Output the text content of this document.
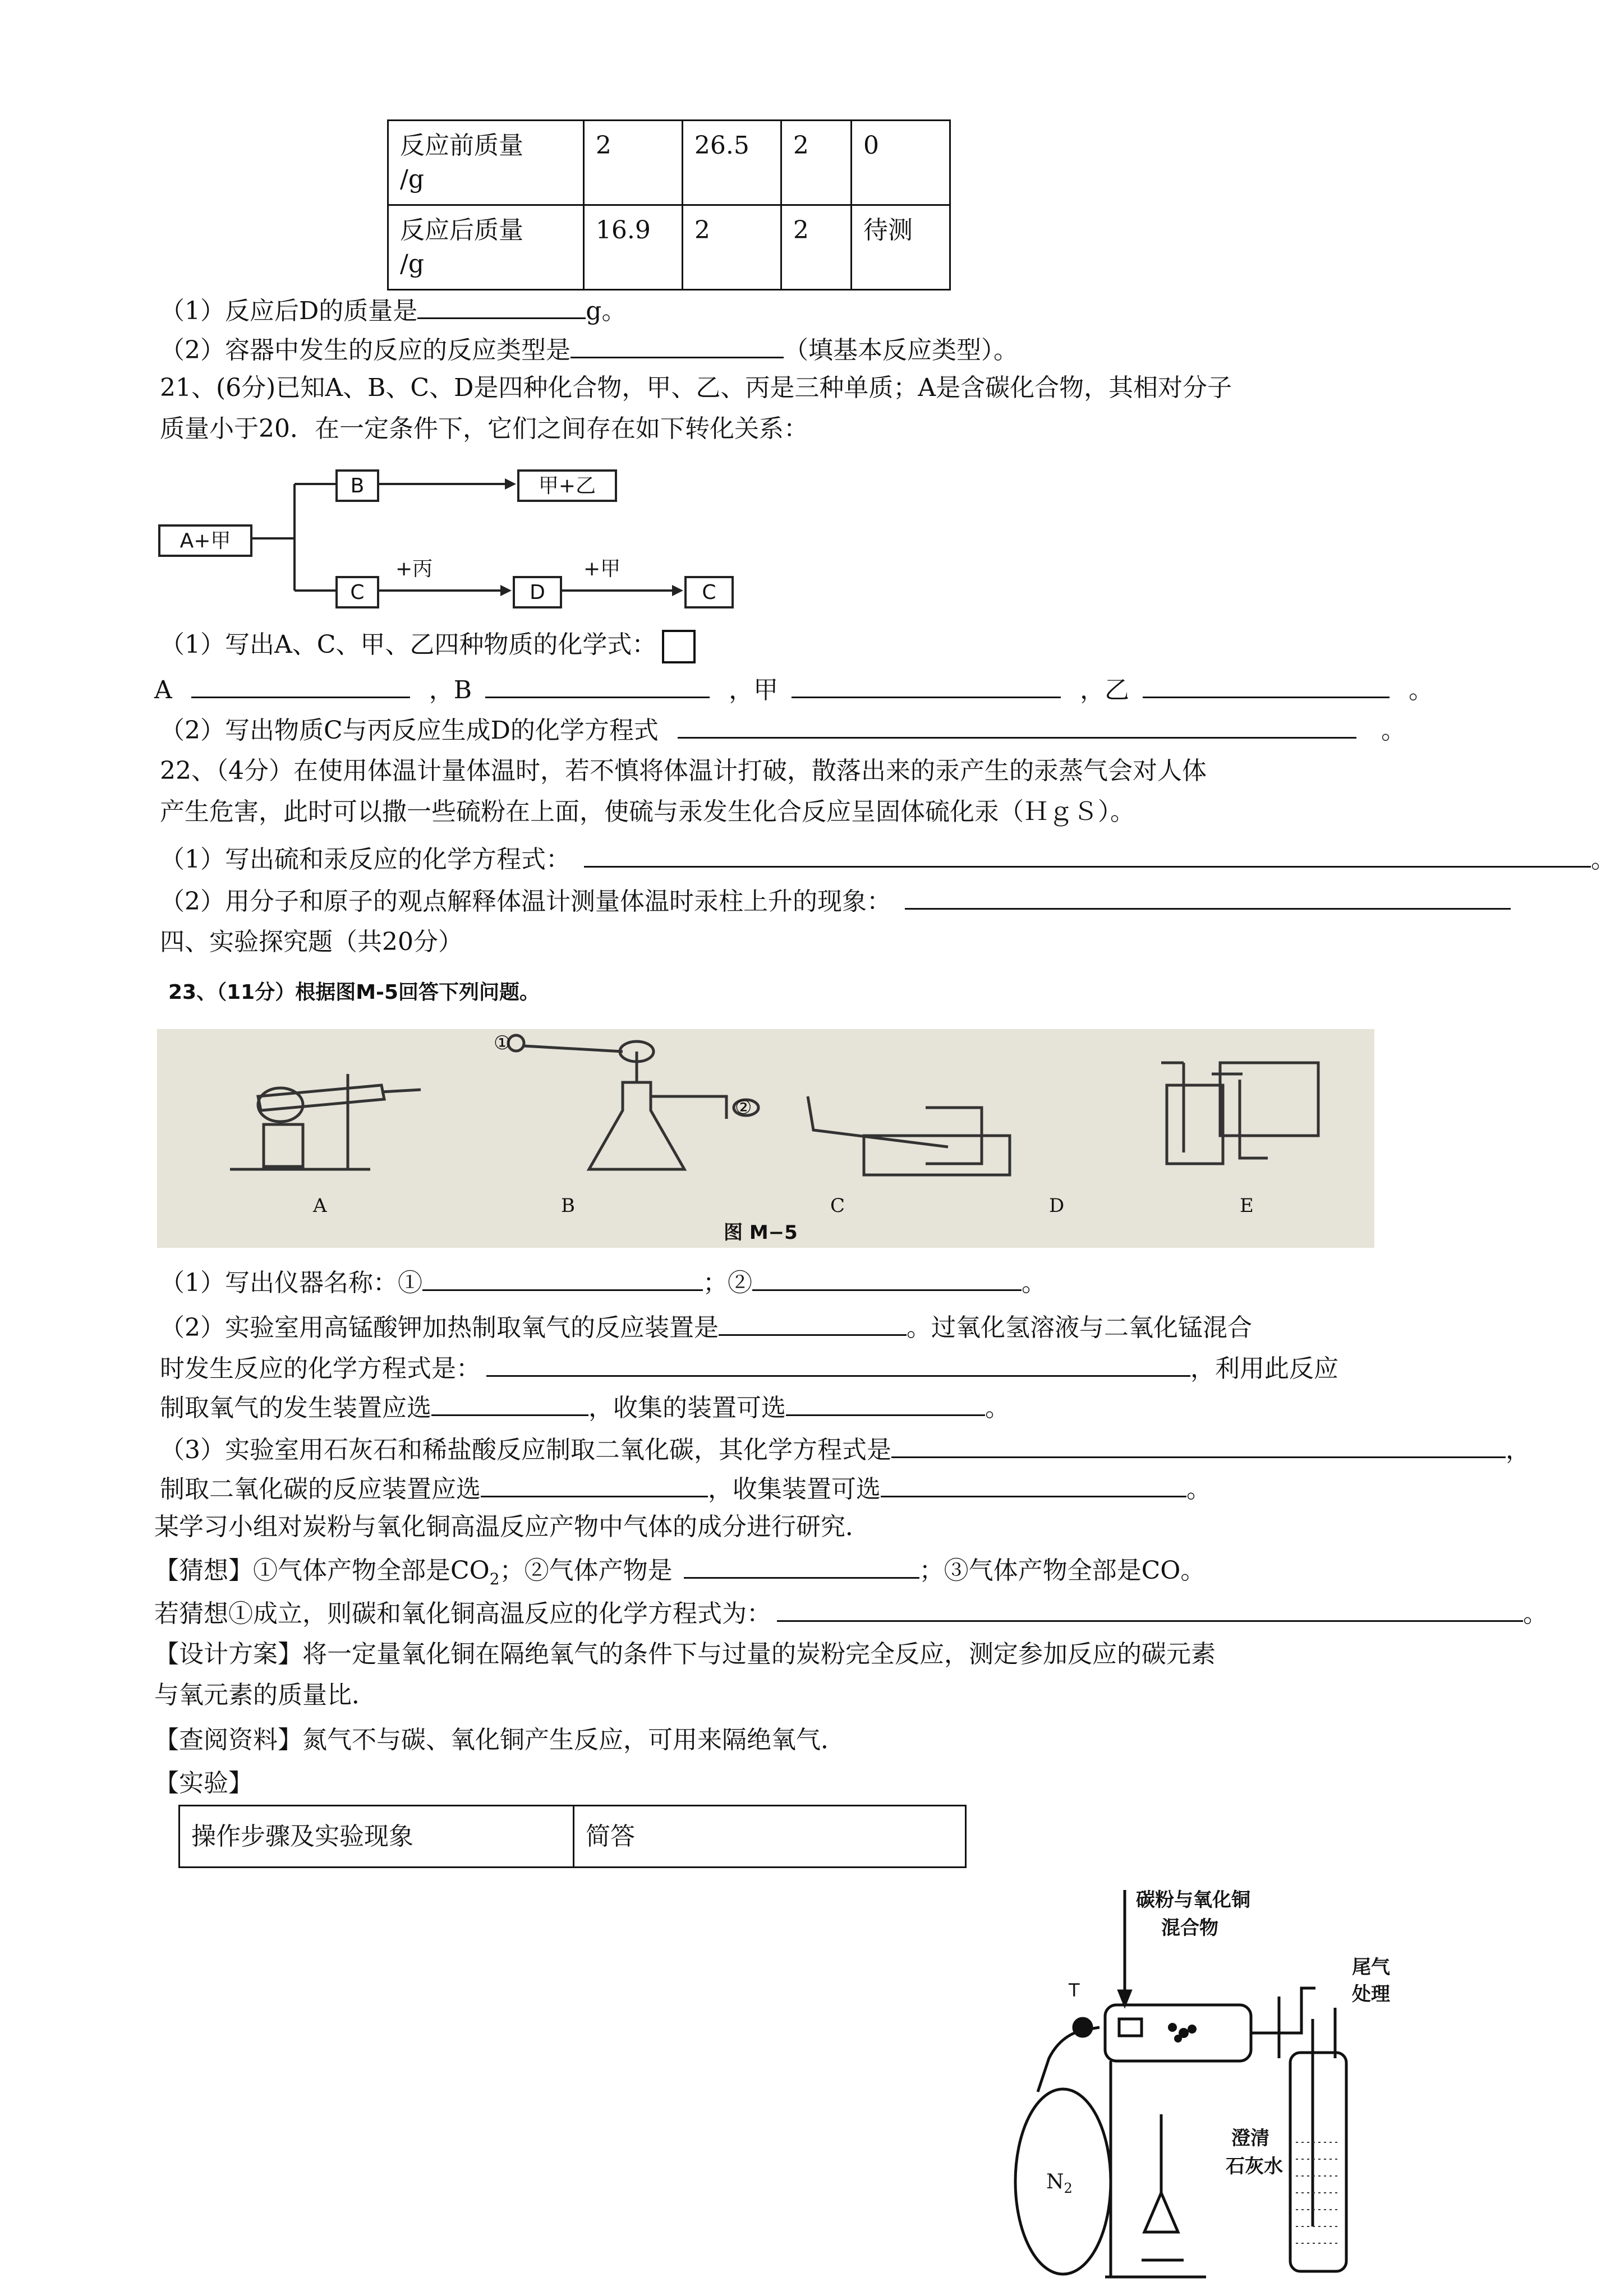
反应前质量
/g	2	26.5	2	0
反应后质量
/g	16.9	2	2	待测
（1）反应后D的质量是	g。
（2）容器中发生的反应的反应类型是	（填基本反应类型）。
21、(6分)已知A、B、C、D是四种化合物，甲、乙、丙是三种单质；A是含碳化合物，其相对分子
质量小于20．在一定条件下，它们之间存在如下转化关系：
A+甲
B	甲+乙
C
+丙
D
+甲
C
（1）写出A、C、甲、乙四种物质的化学式：
A	，B	，甲	，乙	。
（2）写出物质C与丙反应生成D的化学方程式	。
22、（4分）在使用体温计量体温时，若不慎将体温计打破，散落出来的汞产生的汞蒸气会对人体
产生危害，此时可以撒一些硫粉在上面，使硫与汞发生化合反应呈固体硫化汞（ＨｇＳ）。
（1）写出硫和汞反应的化学方程式：	。
（2）用分子和原子的观点解释体温计测量体温时汞柱上升的现象：
四、实验探究题（共20分）
23、（11分）根据图M-5回答下列问题。
A	B	C	D	E
①
②
图 M−5
（1）写出仪器名称：①	；②	。
（2）实验室用高锰酸钾加热制取氧气的反应装置是	。过氧化氢溶液与二氧化锰混合
时发生反应的化学方程式是：	，利用此反应
制取氧气的发生装置应选	，收集的装置可选	。
（3）实验室用石灰石和稀盐酸反应制取二氧化碳，其化学方程式是	，
制取二氧化碳的反应装置应选	，收集装置可选	。
某学习小组对炭粉与氧化铜高温反应产物中气体的成分进行研究．
【猜想】①气体产物全部是$CO_2$；②气体产物是	；③气体产物全部是CO。
若猜想①成立，则碳和氧化铜高温反应的化学方程式为：	。
【设计方案】将一定量氧化铜在隔绝氧气的条件下与过量的炭粉完全反应，测定参加反应的碳元素
与氧元素的质量比．
【查阅资料】氮气不与碳、氧化铜产生反应，可用来隔绝氧气．
【实验】
操作步骤及实验现象	简答
碳粉与氧化铜
混合物
T
尾气
处理
澄清
石灰水
$N_2$
